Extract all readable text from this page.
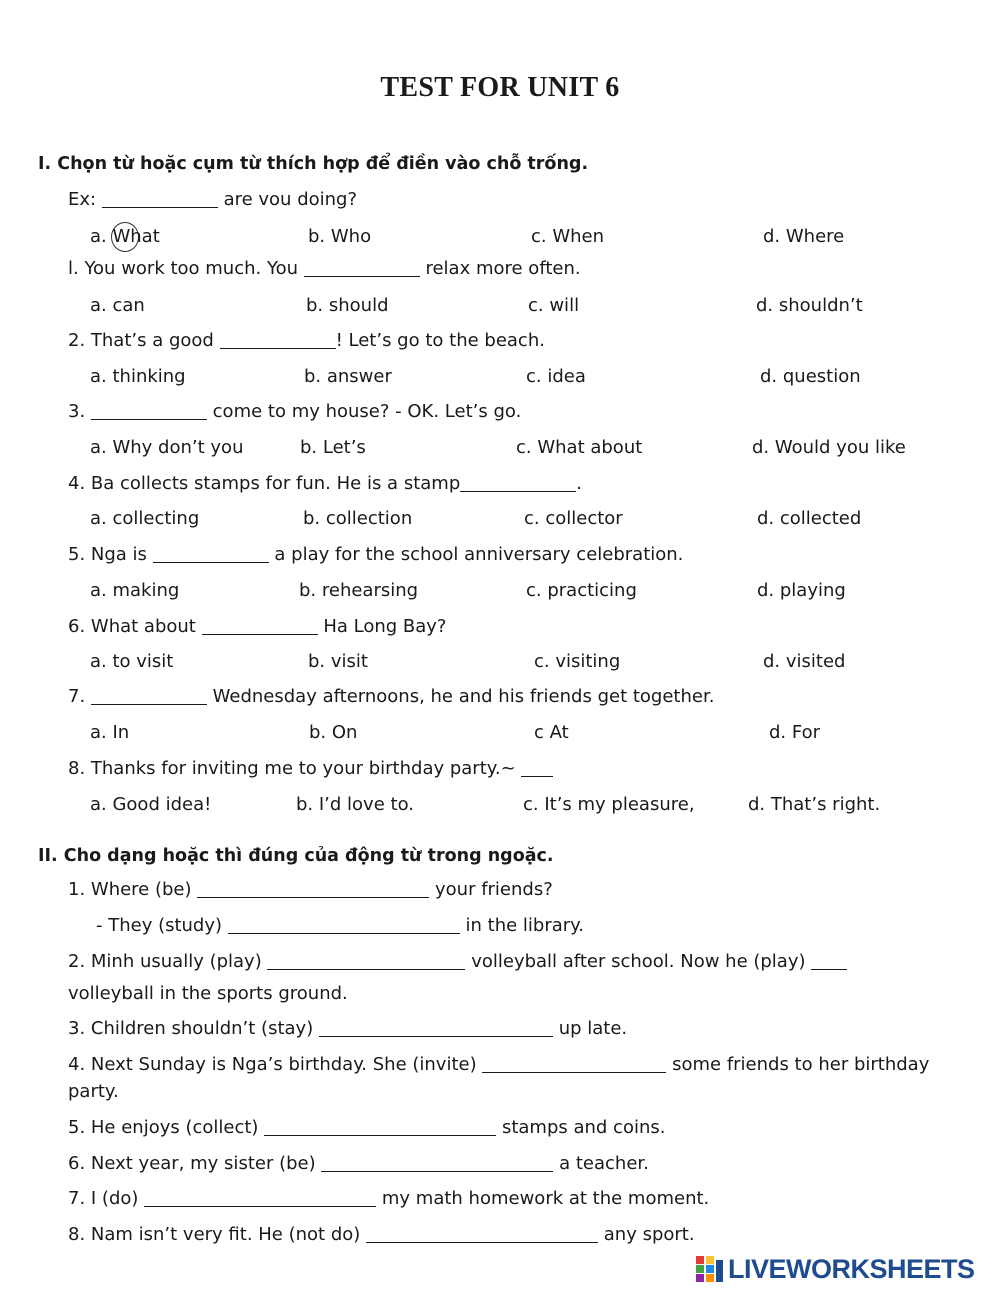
TEST FOR UNIT 6
I. Chọn từ hoặc cụm từ thích hợp để điền vào chỗ trống.
Ex:	are vou doing?
a. What	b. Who	c. When	d. Where
l. You work too much. You	relax more often.
a. can	b. should	c. will	d. shouldn’t
2. That’s a good	! Let’s go to the beach.
a. thinking	b. answer	c. idea	d. question
3.	come to my house? - OK. Let’s go.
a. Why don’t you	b. Let’s	c. What about	d. Would you like
4. Ba collects stamps for fun. He is a stamp	.
a. collecting	b. collection	c. collector	d. collected
5. Nga is	a play for the school anniversary celebration.
a. making	b. rehearsing	c. practicing	d. playing
6. What about	Ha Long Bay?
a. to visit	b. visit	c. visiting	d. visited
7.	Wednesday afternoons, he and his friends get together.
a. In	b. On	c At	d. For
8. Thanks for inviting me to your birthday party.~
a. Good idea!	b. I’d love to.	c. It’s my pleasure,	d. That’s right.
II. Cho dạng hoặc thì đúng của động từ trong ngoặc.
1. Where (be)	your friends?
- They (study)	in the library.
2. Minh usually (play)	volleyball after school. Now he (play)
volleyball in the sports ground.
3. Children shouldn’t (stay)	up late.
4. Next Sunday is Nga’s birthday. She (invite)	some friends to her birthday
party.
5. He enjoys (collect)	stamps and coins.
6. Next year, my sister (be)	a teacher.
7. I (do)	my math homework at the moment.
8. Nam isn’t very fit. He (not do)	any sport.
LIVEWORKSHEETS
